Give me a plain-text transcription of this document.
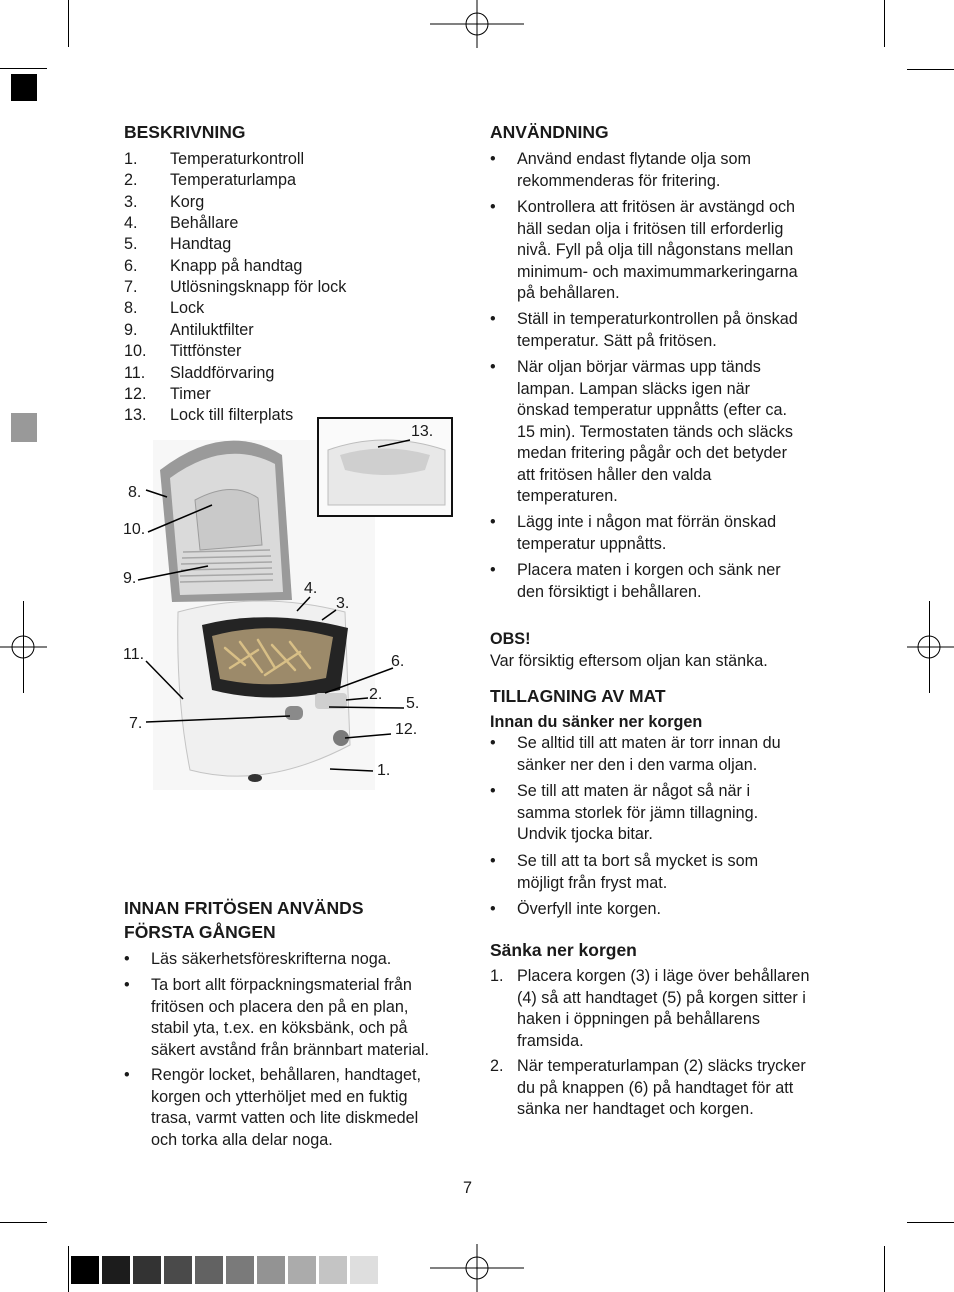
BESKRIVNING
1.	Temperaturkontroll
2.	Temperaturlampa
3.	Korg
4.	Behållare
5.	Handtag
6.	Knapp på handtag
7.	Utlösningsknapp för lock
8.	Lock
9.	Antiluktfilter
10.	Tittfönster
11.	Sladdförvaring
12.	Timer
13.	Lock till filterplats
13.
8.
10.
9.
4.
3.
11.	6.
2.
5.
7.	12.
1.
INNAN FRITÖSEN ANVÄNDS
FÖRSTA GÅNGEN
• Läs säkerhetsföreskrifterna noga.
• Ta bort allt förpackningsmaterial från
fritösen och placera den på en plan,
stabil yta, t.ex. en köksbänk, och på
säkert avstånd från brännbart material.
• Rengör locket, behållaren, handtaget,
korgen och ytterhöljet med en fuktig
trasa, varmt vatten och lite diskmedel
och torka alla delar noga.
ANVÄNDNING
• Använd endast flytande olja som
rekommenderas för fritering.
• Kontrollera att fritösen är avstängd och
häll sedan olja i fritösen till erforderlig
nivå. Fyll på olja till någonstans mellan
minimum- och maximummarkeringarna
på behållaren.
• Ställ in temperaturkontrollen på önskad
temperatur. Sätt på fritösen.
• När oljan börjar värmas upp tänds
lampan. Lampan släcks igen när
önskad temperatur uppnåtts (efter ca.
15 min). Termostaten tänds och släcks
medan fritering pågår och det betyder
att fritösen håller den valda
temperaturen.
• Lägg inte i någon mat förrän önskad
temperatur uppnåtts.
• Placera maten i korgen och sänk ner
den försiktigt i behållaren.
OBS!
Var försiktig eftersom oljan kan stänka.
TILLAGNING AV MAT
Innan du sänker ner korgen
• Se alltid till att maten är torr innan du
sänker ner den i den varma oljan.
• Se till att maten är något så när i
samma storlek för jämn tillagning.
Undvik tjocka bitar.
• Se till att ta bort så mycket is som
möjligt från fryst mat.
• Överfyll inte korgen.
Sänka ner korgen
1. Placera korgen (3) i läge över behållaren
(4) så att handtaget (5) på korgen sitter i
haken i öppningen på behållarens
framsida.
2. När temperaturlampan (2) släcks trycker
du på knappen (6) på handtaget för att
sänka ner handtaget och korgen.
7
